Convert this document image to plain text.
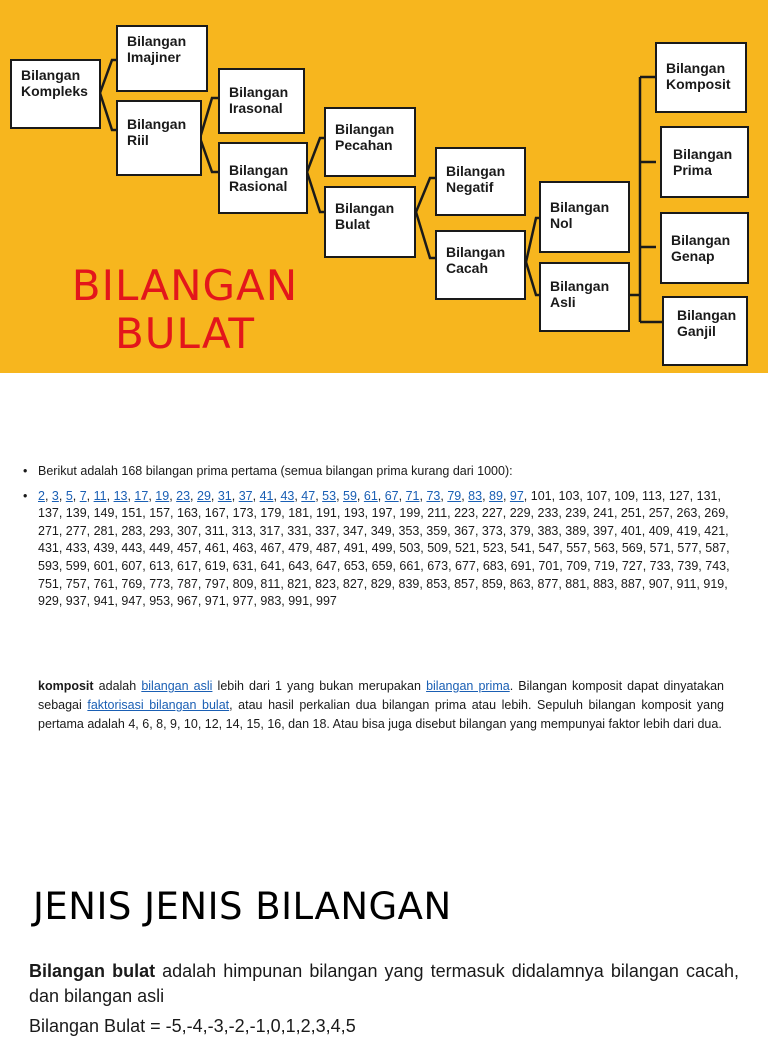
Bilangan
Kompleks
Bilangan
Imajiner
Bilangan
Riil
Bilangan
Irasonal
Bilangan
Rasional
Bilangan
Pecahan
Bilangan
Bulat
Bilangan
Negatif
Bilangan
Cacah
Bilangan
Nol
Bilangan
Asli
Bilangan
Komposit
Bilangan
Prima
Bilangan
Genap
Bilangan
Ganjil
BILANGAN
BULAT
• Berikut adalah 168 bilangan prima pertama (semua bilangan prima kurang dari 1000):
• 2, 3, 5, 7, 11, 13, 17, 19, 23, 29, 31, 37, 41, 43, 47, 53, 59, 61, 67, 71, 73, 79, 83, 89, 97, 101, 103, 107, 109, 113, 127, 131, 137, 139, 149, 151, 157, 163, 167, 173, 179, 181, 191, 193, 197, 199, 211, 223, 227, 229, 233, 239, 241, 251, 257, 263, 269, 271, 277, 281, 283, 293, 307, 311, 313, 317, 331, 337, 347, 349, 353, 359, 367, 373, 379, 383, 389, 397, 401, 409, 419, 421, 431, 433, 439, 443, 449, 457, 461, 463, 467, 479, 487, 491, 499, 503, 509, 521, 523, 541, 547, 557, 563, 569, 571, 577, 587, 593, 599, 601, 607, 613, 617, 619, 631, 641, 643, 647, 653, 659, 661, 673, 677, 683, 691, 701, 709, 719, 727, 733, 739, 743, 751, 757, 761, 769, 773, 787, 797, 809, 811, 821, 823, 827, 829, 839, 853, 857, 859, 863, 877, 881, 883, 887, 907, 911, 919, 929, 937, 941, 947, 953, 967, 971, 977, 983, 991, 997
komposit adalah bilangan asli lebih dari 1 yang bukan merupakan bilangan prima. Bilangan komposit dapat dinyatakan sebagai faktorisasi bilangan bulat, atau hasil perkalian dua bilangan prima atau lebih. Sepuluh bilangan komposit yang pertama adalah 4, 6, 8, 9, 10, 12, 14, 15, 16, dan 18. Atau bisa juga disebut bilangan yang mempunyai faktor lebih dari dua.
JENIS JENIS BILANGAN
Bilangan bulat adalah himpunan bilangan yang termasuk didalamnya bilangan cacah, dan bilangan asli
Bilangan Bulat = -5,-4,-3,-2,-1,0,1,2,3,4,5
